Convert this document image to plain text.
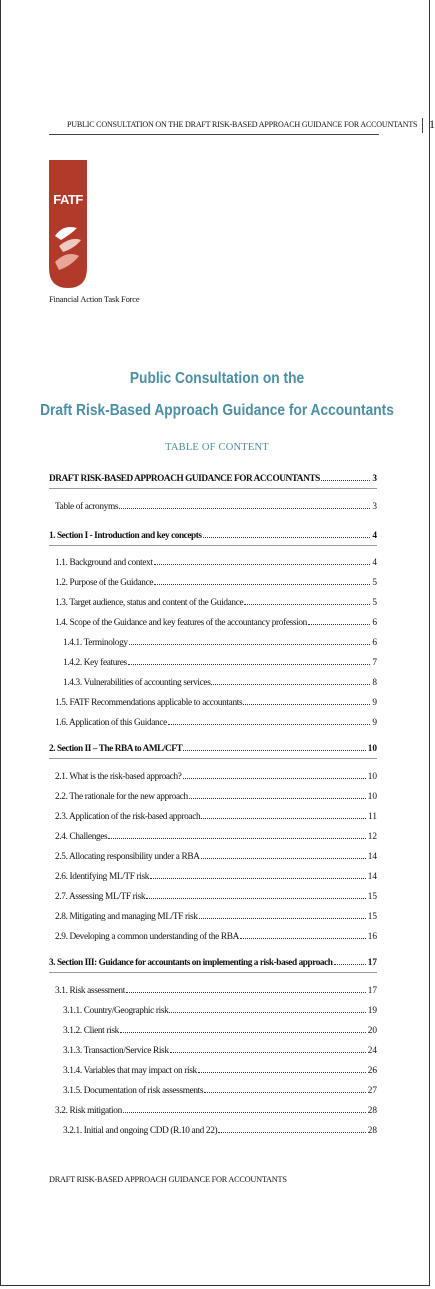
PUBLIC CONSULTATION ON THE DRAFT RISK-BASED APPROACH GUIDANCE FOR ACCOUNTANTS 1
FATF
Financial Action Task Force
Public Consultation on the
Draft Risk-Based Approach Guidance for Accountants
TABLE OF CONTENT
DRAFT RISK-BASED APPROACH GUIDANCE FOR ACCOUNTANTS	3
Table of acronyms	3
1. Section I - Introduction and key concepts	4
1.1. Background and context	4
1.2. Purpose of the Guidance	5
1.3. Target audience, status and content of the Guidance	5
1.4. Scope of the Guidance and key features of the accountancy profession	6
1.4.1. Terminology	6
1.4.2. Key features	7
1.4.3. Vulnerabilities of accounting services	8
1.5. FATF Recommendations applicable to accountants	9
1.6. Application of this Guidance	9
2. Section II – The RBA to AML/CFT	10
2.1. What is the risk-based approach?	10
2.2. The rationale for the new approach	10
2.3. Application of the risk-based approach	11
2.4. Challenges	12
2.5. Allocating responsibility under a RBA	14
2.6. Identifying ML/TF risk	14
2.7. Assessing ML/TF risk	15
2.8. Mitigating and managing ML/TF risk	15
2.9. Developing a common understanding of the RBA	16
3. Section III: Guidance for accountants on implementing a risk-based approach	17
3.1. Risk assessment	17
3.1.1. Country/Geographic risk	19
3.1.2. Client risk	20
3.1.3. Transaction/Service Risk	24
3.1.4. Variables that may impact on risk	26
3.1.5. Documentation of risk assessments	27
3.2. Risk mitigation	28
3.2.1. Initial and ongoing CDD (R.10 and 22)	28
DRAFT RISK-BASED APPROACH GUIDANCE FOR ACCOUNTANTS
